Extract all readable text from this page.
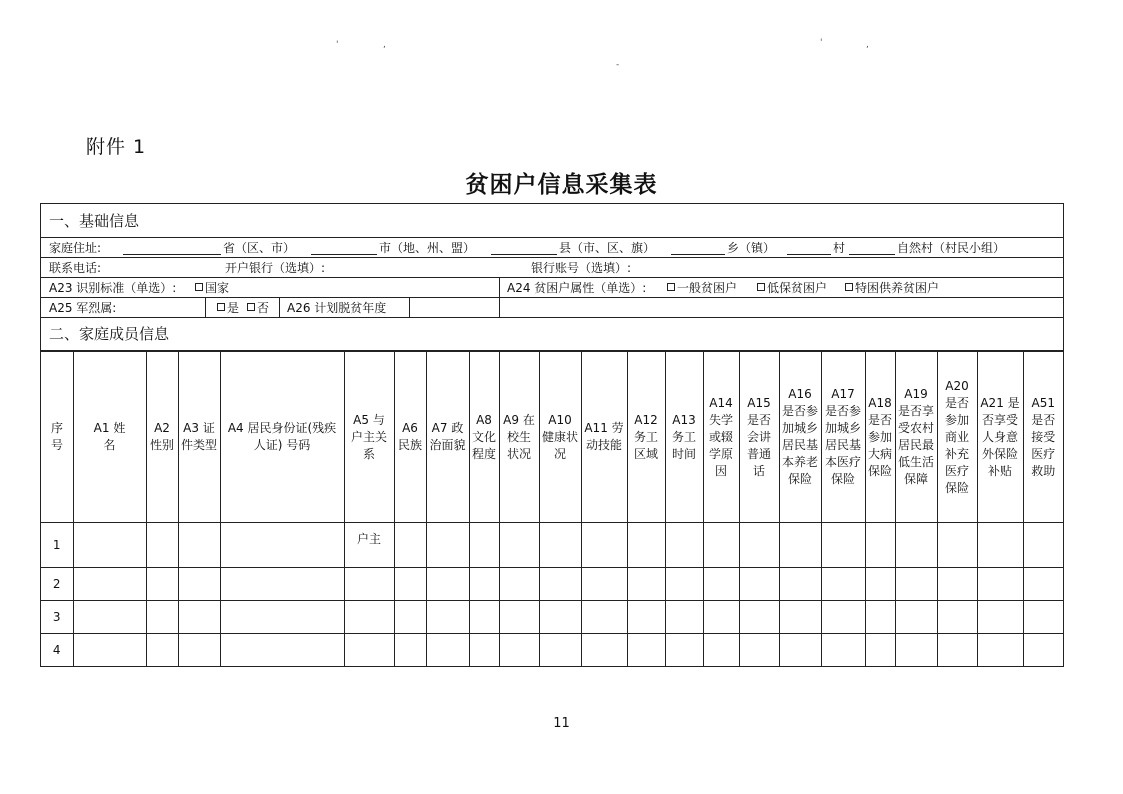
'	,	'	,
-
附件 1
贫困户信息采集表
一、基础信息
家庭住址:	省（区、市）	市（地、州、盟）	县（市、区、旗）	乡（镇）	村	自然村（村民小组）
联系电话:	开户银行（选填）:	银行账号（选填）:
A23 识别标准（单选）:	国家	A24 贫困户属性（单选）:	一般贫困户	低保贫困户	特困供养贫困户
A25 军烈属:	是	否 A26 计划脱贫年度
二、家庭成员信息
序号	A1 姓名	A2 性别	A3 证件类型	A4 居民身份证(残疾人证) 号码	A5 与户主关系	A6 民族	A7 政治面貌	A8 文化程度	A9 在校生状况	A10 健康状况	A11 劳动技能	A12 务工区域	A13 务工时间	A14 失学或辍学原因	A15 是否会讲普通话	A16 是否参加城乡居民基本养老保险	A17 是否参加城乡居民基本医疗保险	A18 是否参加大病保险	A19 是否享受农村居民最低生活保障	A20 是否参加商业补充医疗保险	A21 是否享受人身意外保险补贴	A51 是否接受医疗救助
1					户主																	
2																						
3																						
4																						
11
